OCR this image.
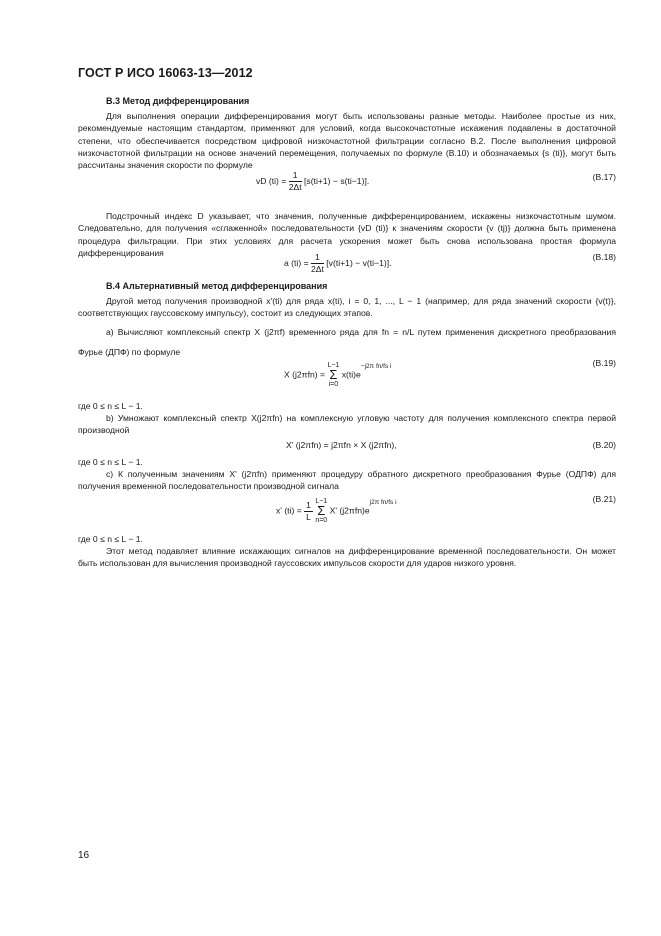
ГОСТ Р ИСО 16063-13—2012
B.3 Метод дифференцирования

Для выполнения операции дифференцирования могут быть использованы разные методы. Наиболее простые из них, рекомендуемые настоящим стандартом, применяют для условий, когда высокочастотные искажения подавлены в достаточной степени, что обеспечивается посредством цифровой низкочастотной фильтрации согласно В.2. После выполнения цифровой низкочастотной фильтрации на основе значений перемещения, получаемых по формуле (В.10) и обозначаемых {s (ti)}, могут быть рассчитаны значения скорости по формуле

vD $(ti) = \frac{1}{2\Delta t} [s(ti+1) - s(ti-1)]$.	(B.17)

Подстрочный индекс D указывает, что значения, полученные дифференцированием, искажены низкочастотным шумом. Следовательно, для получения «сглаженной» последовательности {vD (ti)} к значениям скорости {v (tj)} должна быть применена процедура фильтрации. При этих условиях для расчета ускорения может быть снова использована простая формула дифференцирования

a $(ti) = \frac{1}{2\Delta t} [v(ti+1) - v(ti-1)]$.
(B.18)
B.4 Альтернативный метод дифференцирования

Другой метод получения производной x'(ti) для ряда x(ti), i = 0, 1, ..., L − 1 (например, для ряда значений скорости {v(t)}, соответствующих гауссовскому импульсу), состоит из следующих этапов.

a) Вычисляют комплексный спектр X (j2πf) временного ряда для fn = n/L путем применения дискретного преобразования Фурье (ДПФ) по формуле

X (j2πfn) = L−1
Σ
i=0 x(ti)e−j2π fn/fs i	(B.19)
где 0 ≤ n ≤ L − 1.

b) Умножают комплексный спектр X(j2πfn) на комплексную угловую частоту для получения комплексного спектра первой производной

X' (j2πfn) = j2πfn × X (j2πfn),	(B.20)
где 0 ≤ n ≤ L − 1.

c) К полученным значениям X' (j2πfn) применяют процедуру обратного дискретного преобразования Фурье (ОДПФ) для получения временной последовательности производной сигнала

x' $(ti) = \frac{1}{L} L-1$
Σ
n=0 X' (j2πfn)ej2π fn/fs i	(B.21)
где 0 ≤ n ≤ L − 1.

Этот метод подавляет влияние искажающих сигналов на дифференцирование временной последовательности. Он может быть использован для вычисления производной гауссовских импульсов скорости для ударов низкого уровня.

16
